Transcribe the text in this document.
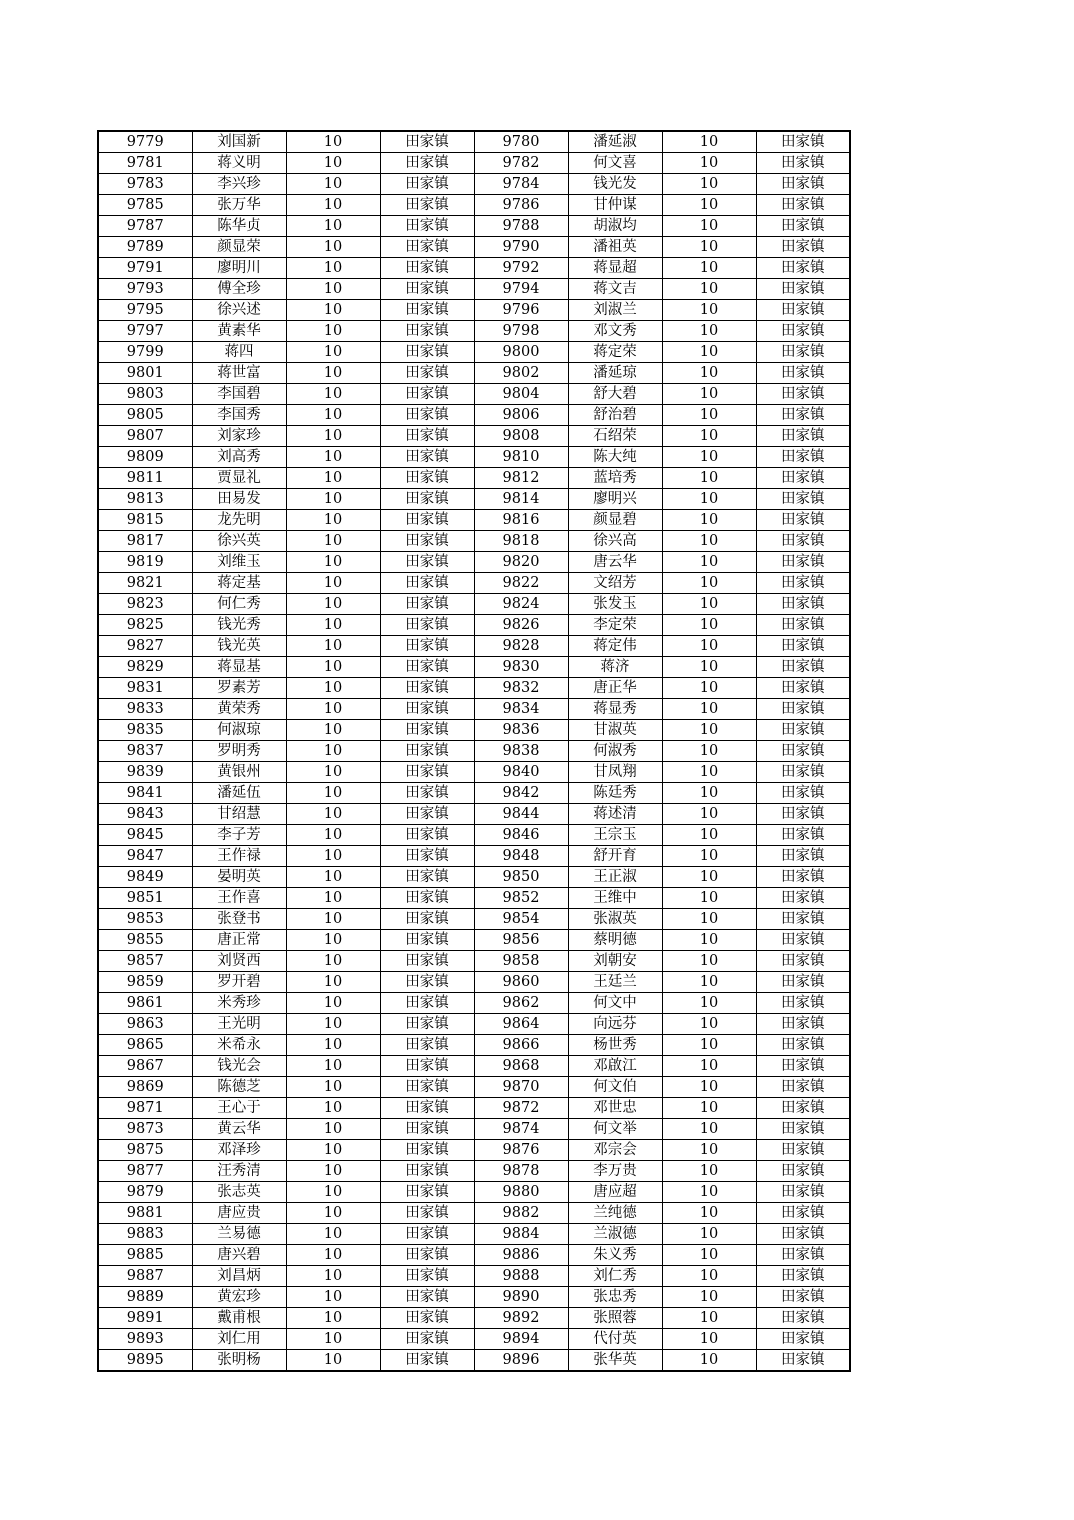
9779	刘国新	10	田家镇	9780	潘延淑	10	田家镇
9781	蒋义明	10	田家镇	9782	何文喜	10	田家镇
9783	李兴珍	10	田家镇	9784	钱光发	10	田家镇
9785	张万华	10	田家镇	9786	甘仲谋	10	田家镇
9787	陈华贞	10	田家镇	9788	胡淑均	10	田家镇
9789	颜显荣	10	田家镇	9790	潘祖英	10	田家镇
9791	廖明川	10	田家镇	9792	蒋显超	10	田家镇
9793	傅全珍	10	田家镇	9794	蒋文吉	10	田家镇
9795	徐兴述	10	田家镇	9796	刘淑兰	10	田家镇
9797	黄素华	10	田家镇	9798	邓文秀	10	田家镇
9799	蒋四	10	田家镇	9800	蒋定荣	10	田家镇
9801	蒋世富	10	田家镇	9802	潘延琼	10	田家镇
9803	李国碧	10	田家镇	9804	舒大碧	10	田家镇
9805	李国秀	10	田家镇	9806	舒治碧	10	田家镇
9807	刘家珍	10	田家镇	9808	石绍荣	10	田家镇
9809	刘高秀	10	田家镇	9810	陈大纯	10	田家镇
9811	贾显礼	10	田家镇	9812	蓝培秀	10	田家镇
9813	田易发	10	田家镇	9814	廖明兴	10	田家镇
9815	龙先明	10	田家镇	9816	颜显碧	10	田家镇
9817	徐兴英	10	田家镇	9818	徐兴高	10	田家镇
9819	刘维玉	10	田家镇	9820	唐云华	10	田家镇
9821	蒋定基	10	田家镇	9822	文绍芳	10	田家镇
9823	何仁秀	10	田家镇	9824	张发玉	10	田家镇
9825	钱光秀	10	田家镇	9826	李定荣	10	田家镇
9827	钱光英	10	田家镇	9828	蒋定伟	10	田家镇
9829	蒋显基	10	田家镇	9830	蒋济	10	田家镇
9831	罗素芳	10	田家镇	9832	唐正华	10	田家镇
9833	黄荣秀	10	田家镇	9834	蒋显秀	10	田家镇
9835	何淑琼	10	田家镇	9836	甘淑英	10	田家镇
9837	罗明秀	10	田家镇	9838	何淑秀	10	田家镇
9839	黄银州	10	田家镇	9840	甘凤翔	10	田家镇
9841	潘延伍	10	田家镇	9842	陈廷秀	10	田家镇
9843	甘绍慧	10	田家镇	9844	蒋述清	10	田家镇
9845	李子芳	10	田家镇	9846	王宗玉	10	田家镇
9847	王作禄	10	田家镇	9848	舒开育	10	田家镇
9849	晏明英	10	田家镇	9850	王正淑	10	田家镇
9851	王作喜	10	田家镇	9852	王维中	10	田家镇
9853	张登书	10	田家镇	9854	张淑英	10	田家镇
9855	唐正常	10	田家镇	9856	蔡明德	10	田家镇
9857	刘贤西	10	田家镇	9858	刘朝安	10	田家镇
9859	罗开碧	10	田家镇	9860	王廷兰	10	田家镇
9861	米秀珍	10	田家镇	9862	何文中	10	田家镇
9863	王光明	10	田家镇	9864	向远芬	10	田家镇
9865	米希永	10	田家镇	9866	杨世秀	10	田家镇
9867	钱光会	10	田家镇	9868	邓啟江	10	田家镇
9869	陈德芝	10	田家镇	9870	何文伯	10	田家镇
9871	王心于	10	田家镇	9872	邓世忠	10	田家镇
9873	黄云华	10	田家镇	9874	何文举	10	田家镇
9875	邓泽珍	10	田家镇	9876	邓宗会	10	田家镇
9877	汪秀清	10	田家镇	9878	李万贵	10	田家镇
9879	张志英	10	田家镇	9880	唐应超	10	田家镇
9881	唐应贵	10	田家镇	9882	兰纯德	10	田家镇
9883	兰易德	10	田家镇	9884	兰淑德	10	田家镇
9885	唐兴碧	10	田家镇	9886	朱义秀	10	田家镇
9887	刘昌炳	10	田家镇	9888	刘仁秀	10	田家镇
9889	黄宏珍	10	田家镇	9890	张忠秀	10	田家镇
9891	戴甫根	10	田家镇	9892	张照蓉	10	田家镇
9893	刘仁用	10	田家镇	9894	代付英	10	田家镇
9895	张明杨	10	田家镇	9896	张华英	10	田家镇
